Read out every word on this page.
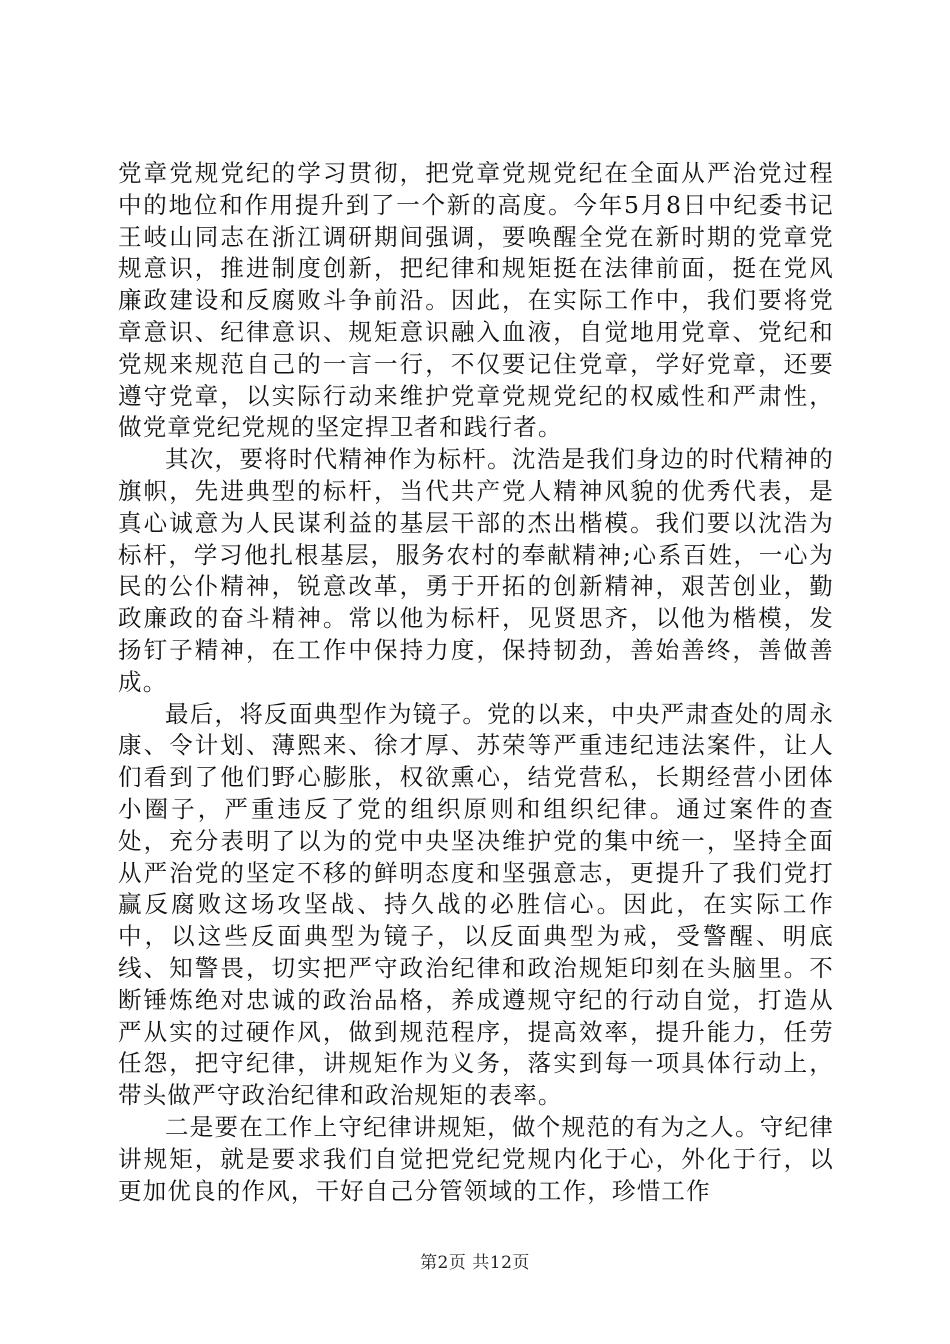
党章党规党纪的学习贯彻，把党章党规党纪在全面从严治党过程中的地位和作用提升到了一个新的高度。今年5月8日中纪委书记王岐山同志在浙江调研期间强调，要唤醒全党在新时期的党章党规意识，推进制度创新，把纪律和规矩挺在法律前面，挺在党风廉政建设和反腐败斗争前沿。因此，在实际工作中，我们要将党章意识、纪律意识、规矩意识融入血液，自觉地用党章、党纪和党规来规范自己的一言一行，不仅要记住党章，学好党章，还要遵守党章，以实际行动来维护党章党规党纪的权威性和严肃性，做党章党纪党规的坚定捍卫者和践行者。

其次，要将时代精神作为标杆。沈浩是我们身边的时代精神的旗帜，先进典型的标杆，当代共产党人精神风貌的优秀代表，是真心诚意为人民谋利益的基层干部的杰出楷模。我们要以沈浩为标杆，学习他扎根基层，服务农村的奉献精神;心系百姓，一心为民的公仆精神，锐意改革，勇于开拓的创新精神，艰苦创业，勤政廉政的奋斗精神。常以他为标杆，见贤思齐，以他为楷模，发扬钉子精神，在工作中保持力度，保持韧劲，善始善终，善做善成。

最后，将反面典型作为镜子。党的以来，中央严肃查处的周永康、令计划、薄熙来、徐才厚、苏荣等严重违纪违法案件，让人们看到了他们野心膨胀，权欲熏心，结党营私，长期经营小团体小圈子，严重违反了党的组织原则和组织纪律。通过案件的查处，充分表明了以为的党中央坚决维护党的集中统一，坚持全面从严治党的坚定不移的鲜明态度和坚强意志，更提升了我们党打赢反腐败这场攻坚战、持久战的必胜信心。因此，在实际工作中，以这些反面典型为镜子，以反面典型为戒，受警醒、明底线、知警畏，切实把严守政治纪律和政治规矩印刻在头脑里。不断锤炼绝对忠诚的政治品格，养成遵规守纪的行动自觉，打造从严从实的过硬作风，做到规范程序，提高效率，提升能力，任劳任怨，把守纪律，讲规矩作为义务，落实到每一项具体行动上，带头做严守政治纪律和政治规矩的表率。

二是要在工作上守纪律讲规矩，做个规范的有为之人。守纪律讲规矩，就是要求我们自觉把党纪党规内化于心，外化于行，以更加优良的作风，干好自己分管领域的工作，珍惜工作

第2页 共12页
